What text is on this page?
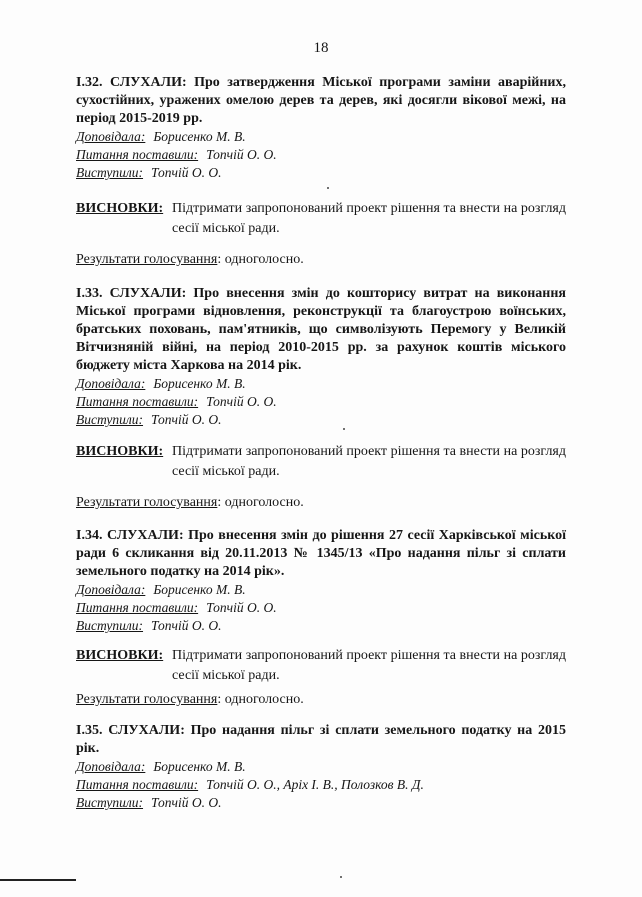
18

І.32. СЛУХАЛИ: Про затвердження Міської програми заміни аварійних, сухостійних, уражених омелою дерев та дерев, які досягли вікової межі, на період 2015-2019 рр.

Доповідала: Борисенко М. В.
Питання поставили: Топчій О. О.
Виступили: Топчій О. О.
ВИСНОВКИ: Підтримати запропонований проект рішення та внести на розгляд сесії міської ради.
Результати голосування: одноголосно.

І.33. СЛУХАЛИ: Про внесення змін до кошторису витрат на виконання Міської програми відновлення, реконструкції та благоустрою воїнських, братських поховань, пам'ятників, що символізують Перемогу у Великій Вітчизняній війні, на період 2010-2015 рр. за рахунок коштів міського бюджету міста Харкова на 2014 рік.

Доповідала: Борисенко М. В.
Питання поставили: Топчій О. О.
Виступили: Топчій О. О.
ВИСНОВКИ: Підтримати запропонований проект рішення та внести на розгляд сесії міської ради.
Результати голосування: одноголосно.

І.34. СЛУХАЛИ: Про внесення змін до рішення 27 сесії Харківської міської ради 6 скликання від 20.11.2013 № 1345/13 «Про надання пільг зі сплати земельного податку на 2014 рік».

Доповідала: Борисенко М. В.
Питання поставили: Топчій О. О.
Виступили: Топчій О. О.
ВИСНОВКИ: Підтримати запропонований проект рішення та внести на розгляд сесії міської ради.
Результати голосування: одноголосно.

І.35. СЛУХАЛИ: Про надання пільг зі сплати земельного податку на 2015 рік.

Доповідала: Борисенко М. В.
Питання поставили: Топчій О. О., Аріх І. В., Полозков В. Д.
Виступили: Топчій О. О.
